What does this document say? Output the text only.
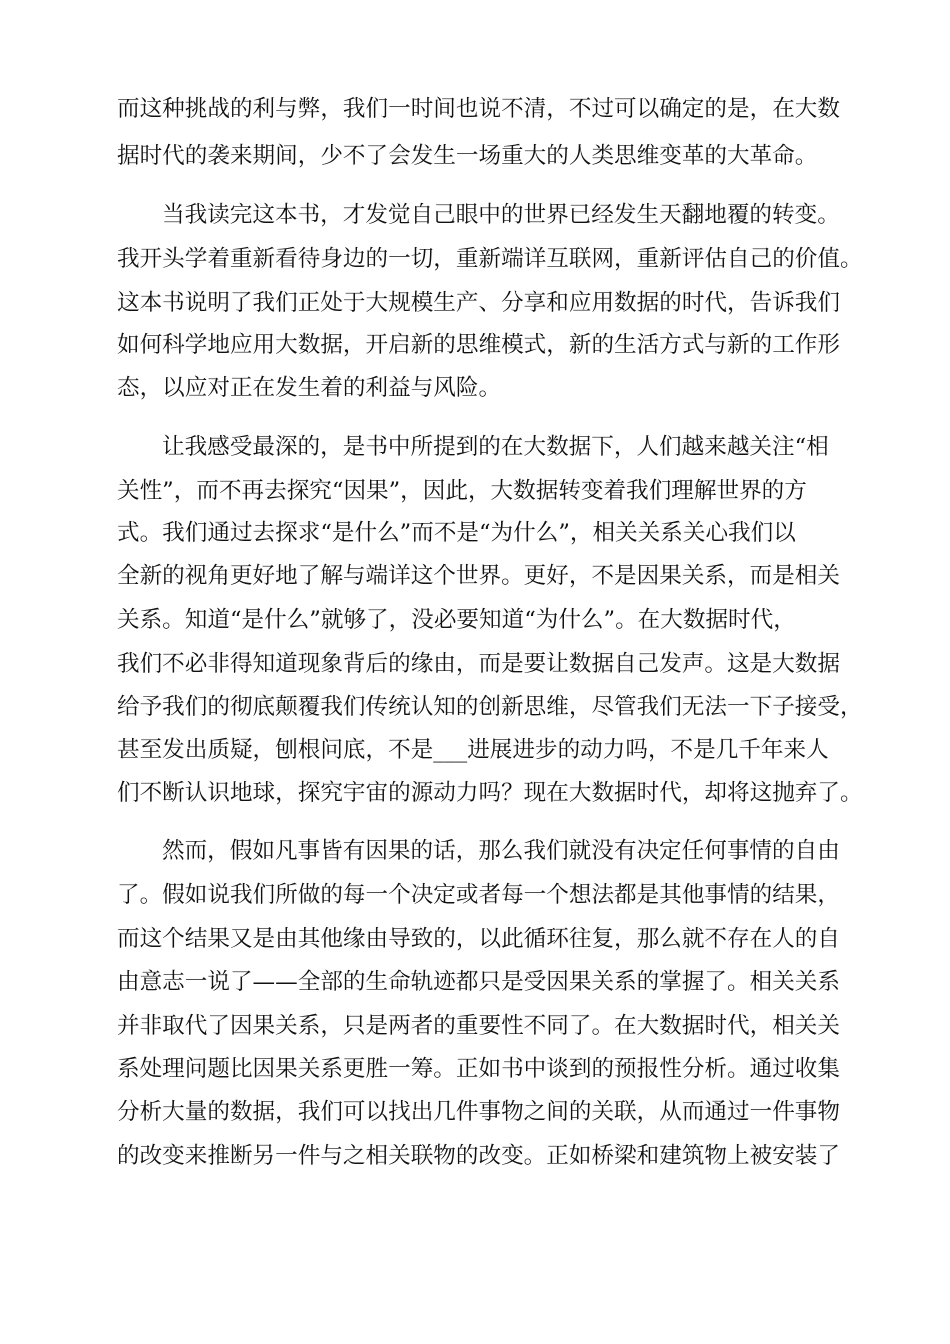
而这种挑战的利与弊，我们一时间也说不清，不过可以确定的是，在大数
据时代的袭来期间，少不了会发生一场重大的人类思维变革的大革命。
当我读完这本书，才发觉自己眼中的世界已经发生天翻地覆的转变。
我开头学着重新看待身边的一切，重新端详互联网，重新评估自己的价值。
这本书说明了我们正处于大规模生产、分享和应用数据的时代，告诉我们
如何科学地应用大数据，开启新的思维模式，新的生活方式与新的工作形
态，以应对正在发生着的利益与风险。
让我感受最深的，是书中所提到的在大数据下，人们越来越关注“相
关性”，而不再去探究“因果”，因此，大数据转变着我们理解世界的方
式。我们通过去探求“是什么”而不是“为什么”，相关关系关心我们以
全新的视角更好地了解与端详这个世界。更好，不是因果关系，而是相关
关系。知道“是什么”就够了，没必要知道“为什么”。在大数据时代，
我们不必非得知道现象背后的缘由，而是要让数据自己发声。这是大数据
给予我们的彻底颠覆我们传统认知的创新思维，尽管我们无法一下子接受，
甚至发出质疑，刨根问底，不是___进展进步的动力吗，不是几千年来人
们不断认识地球，探究宇宙的源动力吗？现在大数据时代，却将这抛弃了。
然而，假如凡事皆有因果的话，那么我们就没有决定任何事情的自由
了。假如说我们所做的每一个决定或者每一个想法都是其他事情的结果，
而这个结果又是由其他缘由导致的，以此循环往复，那么就不存在人的自
由意志一说了——全部的生命轨迹都只是受因果关系的掌握了。相关关系
并非取代了因果关系，只是两者的重要性不同了。在大数据时代，相关关
系处理问题比因果关系更胜一筹。正如书中谈到的预报性分析。通过收集
分析大量的数据，我们可以找出几件事物之间的关联，从而通过一件事物
的改变来推断另一件与之相关联物的改变。正如桥梁和建筑物上被安装了
